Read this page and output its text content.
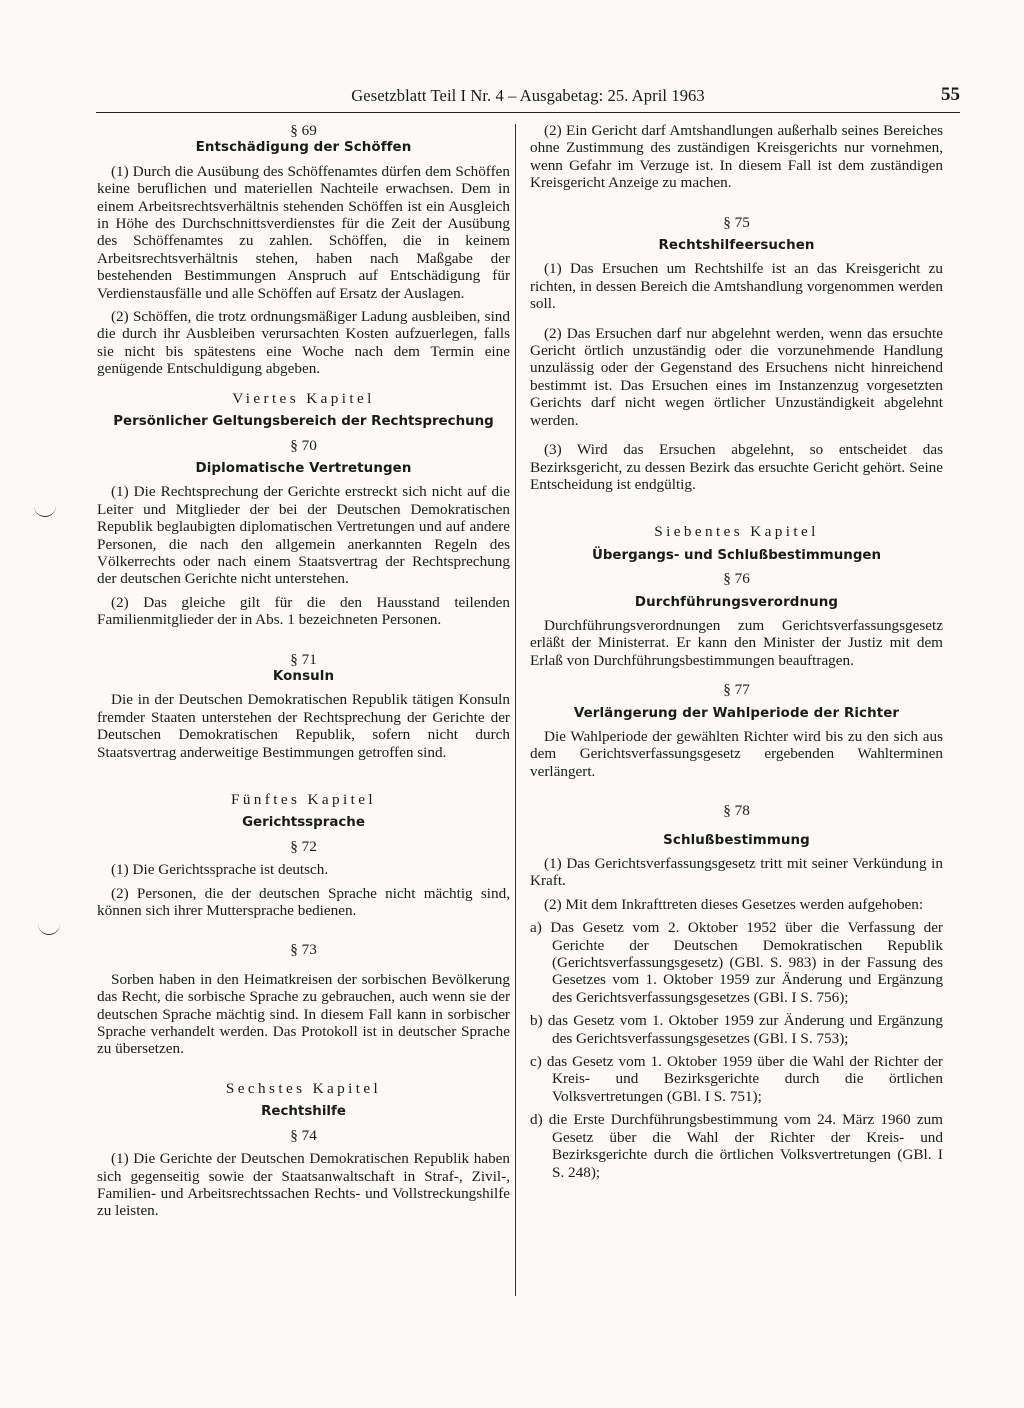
Gesetzblatt Teil I Nr. 4 – Ausgabetag: 25. April 1963	55

§ 69

Entschädigung der Schöffen

(1) Durch die Ausübung des Schöffenamtes dürfen dem Schöffen keine beruflichen und materiellen Nachteile erwachsen. Dem in einem Arbeitsrechtsverhältnis stehenden Schöffen ist ein Ausgleich in Höhe des Durchschnittsverdienstes für die Zeit der Ausübung des Schöffenamtes zu zahlen. Schöffen, die in keinem Arbeitsrechtsverhältnis stehen, haben nach Maßgabe der bestehenden Bestimmungen Anspruch auf Entschädigung für Verdienstausfälle und alle Schöffen auf Ersatz der Auslagen.

(2) Schöffen, die trotz ordnungsmäßiger Ladung ausbleiben, sind die durch ihr Ausbleiben verursachten Kosten aufzuerlegen, falls sie nicht bis spätestens eine Woche nach dem Termin eine genügende Entschuldigung abgeben.

Viertes Kapitel

Persönlicher Geltungsbereich der Rechtsprechung

§ 70

Diplomatische Vertretungen

(1) Die Rechtsprechung der Gerichte erstreckt sich nicht auf die Leiter und Mitglieder der bei der Deutschen Demokratischen Republik beglaubigten diplomatischen Vertretungen und auf andere Personen, die nach den allgemein anerkannten Regeln des Völkerrechts oder nach einem Staatsvertrag der Rechtsprechung der deutschen Gerichte nicht unterstehen.

(2) Das gleiche gilt für die den Hausstand teilenden Familienmitglieder der in Abs. 1 bezeichneten Personen.

§ 71

Konsuln

Die in der Deutschen Demokratischen Republik tätigen Konsuln fremder Staaten unterstehen der Rechtsprechung der Gerichte der Deutschen Demokratischen Republik, sofern nicht durch Staatsvertrag anderweitige Bestimmungen getroffen sind.

Fünftes Kapitel

Gerichtssprache

§ 72

(1) Die Gerichtssprache ist deutsch.

(2) Personen, die der deutschen Sprache nicht mächtig sind, können sich ihrer Muttersprache bedienen.

§ 73

Sorben haben in den Heimatkreisen der sorbischen Bevölkerung das Recht, die sorbische Sprache zu gebrauchen, auch wenn sie der deutschen Sprache mächtig sind. In diesem Fall kann in sorbischer Sprache verhandelt werden. Das Protokoll ist in deutscher Sprache zu übersetzen.

Sechstes Kapitel

Rechtshilfe

§ 74

(1) Die Gerichte der Deutschen Demokratischen Republik haben sich gegenseitig sowie der Staatsanwaltschaft in Straf-, Zivil-, Familien- und Arbeitsrechtssachen Rechts- und Vollstreckungshilfe zu leisten.

(2) Ein Gericht darf Amtshandlungen außerhalb seines Bereiches ohne Zustimmung des zuständigen Kreisgerichts nur vornehmen, wenn Gefahr im Verzuge ist. In diesem Fall ist dem zuständigen Kreisgericht Anzeige zu machen.

§ 75

Rechtshilfeersuchen

(1) Das Ersuchen um Rechtshilfe ist an das Kreisgericht zu richten, in dessen Bereich die Amtshandlung vorgenommen werden soll.

(2) Das Ersuchen darf nur abgelehnt werden, wenn das ersuchte Gericht örtlich unzuständig oder die vorzunehmende Handlung unzulässig oder der Gegenstand des Ersuchens nicht hinreichend bestimmt ist. Das Ersuchen eines im Instanzenzug vorgesetzten Gerichts darf nicht wegen örtlicher Unzuständigkeit abgelehnt werden.

(3) Wird das Ersuchen abgelehnt, so entscheidet das Bezirksgericht, zu dessen Bezirk das ersuchte Gericht gehört. Seine Entscheidung ist endgültig.

Siebentes Kapitel

Übergangs- und Schlußbestimmungen

§ 76

Durchführungsverordnung

Durchführungsverordnungen zum Gerichtsverfassungsgesetz erläßt der Ministerrat. Er kann den Minister der Justiz mit dem Erlaß von Durchführungsbestimmungen beauftragen.

§ 77

Verlängerung der Wahlperiode der Richter

Die Wahlperiode der gewählten Richter wird bis zu den sich aus dem Gerichtsverfassungsgesetz ergebenden Wahlterminen verlängert.

§ 78

Schlußbestimmung

(1) Das Gerichtsverfassungsgesetz tritt mit seiner Verkündung in Kraft.

(2) Mit dem Inkrafttreten dieses Gesetzes werden aufgehoben:

a) Das Gesetz vom 2. Oktober 1952 über die Verfassung der Gerichte der Deutschen Demokratischen Republik (Gerichtsverfassungsgesetz) (GBl. S. 983) in der Fassung des Gesetzes vom 1. Oktober 1959 zur Änderung und Ergänzung des Gerichtsverfassungsgesetzes (GBl. I S. 756);

b) das Gesetz vom 1. Oktober 1959 zur Änderung und Ergänzung des Gerichtsverfassungsgesetzes (GBl. I S. 753);

c) das Gesetz vom 1. Oktober 1959 über die Wahl der Richter der Kreis- und Bezirksgerichte durch die örtlichen Volksvertretungen (GBl. I S. 751);

d) die Erste Durchführungsbestimmung vom 24. März 1960 zum Gesetz über die Wahl der Richter der Kreis- und Bezirksgerichte durch die örtlichen Volksvertretungen (GBl. I S. 248);
